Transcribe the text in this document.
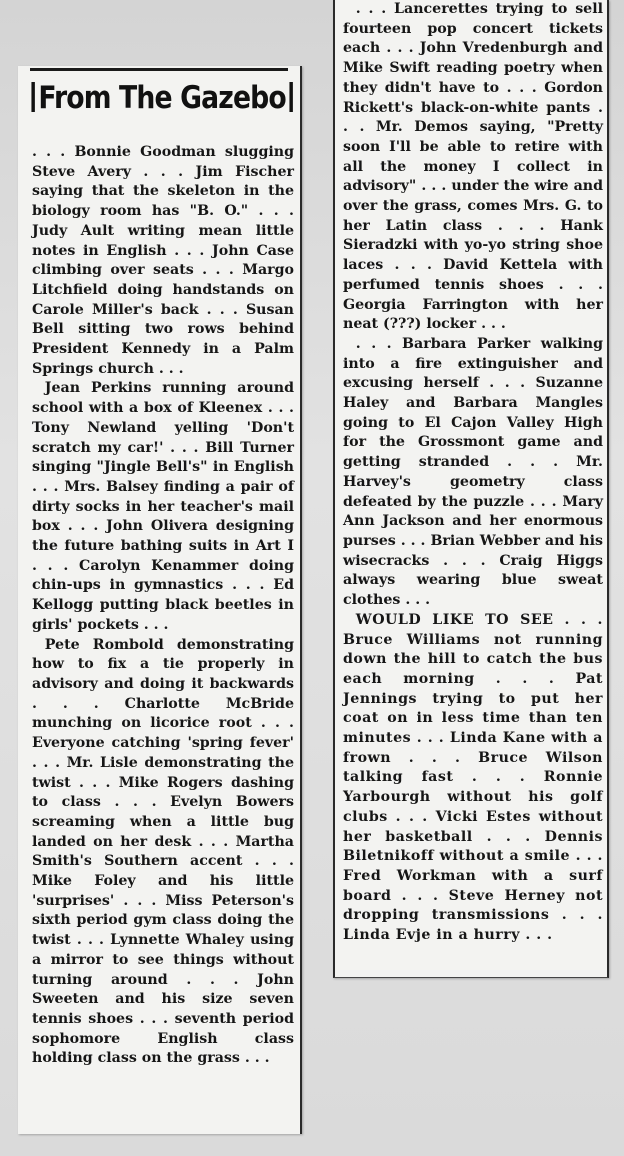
From The Gazebo

. . . Bonnie Goodman slugging Steve Avery . . . Jim Fischer saying that the skeleton in the biology room has "B. O." . . . Judy Ault writing mean little notes in English . . . John Case climbing over seats . . . Margo Litchfield doing handstands on Carole Miller's back . . . Susan Bell sitting two rows behind President Kennedy in a Palm Springs church . . .

Jean Perkins running around school with a box of Kleenex . . . Tony Newland yelling 'Don't scratch my car!' . . . Bill Turner singing "Jingle Bell's" in English . . . Mrs. Balsey finding a pair of dirty socks in her teacher's mail box . . . John Olivera designing the future bathing suits in Art I . . . Carolyn Kenammer doing chin-ups in gymnastics . . . Ed Kellogg putting black beetles in girls' pockets . . .

Pete Rombold demonstrating how to fix a tie properly in advisory and doing it backwards . . . Charlotte McBride munching on licorice root . . . Everyone catching 'spring fever' . . . Mr. Lisle demonstrating the twist . . . Mike Rogers dashing to class . . . Evelyn Bowers screaming when a little bug landed on her desk . . . Martha Smith's Southern accent . . . Mike Foley and his little 'surprises' . . . Miss Peterson's sixth period gym class doing the twist . . . Lynnette Whaley using a mirror to see things without turning around . . . John Sweeten and his size seven tennis shoes . . . seventh period sophomore English class holding class on the grass . . .

. . . Lancerettes trying to sell fourteen pop concert tickets each . . . John Vredenburgh and Mike Swift reading poetry when they didn't have to . . . Gordon Rickett's black-on-white pants . . . Mr. Demos saying, "Pretty soon I'll be able to retire with all the money I collect in advisory" . . . under the wire and over the grass, comes Mrs. G. to her Latin class . . . Hank Sieradzki with yo-yo string shoe laces . . . David Kettela with perfumed tennis shoes . . . Georgia Farrington with her neat (???) locker . . .

. . . Barbara Parker walking into a fire extinguisher and excusing herself . . . Suzanne Haley and Barbara Mangles going to El Cajon Valley High for the Grossmont game and getting stranded . . . Mr. Harvey's geometry class defeated by the puzzle . . . Mary Ann Jackson and her enormous purses . . . Brian Webber and his wisecracks . . . Craig Higgs always wearing blue sweat clothes . . .

WOULD LIKE TO SEE . . . Bruce Williams not running down the hill to catch the bus each morning . . . Pat Jennings trying to put her coat on in less time than ten minutes . . . Linda Kane with a frown . . . Bruce Wilson talking fast . . . Ronnie Yarbourgh without his golf clubs . . . Vicki Estes without her basketball . . . Dennis Biletnikoff without a smile . . . Fred Workman with a surf board . . . Steve Herney not dropping transmissions . . . Linda Evje in a hurry . . .
